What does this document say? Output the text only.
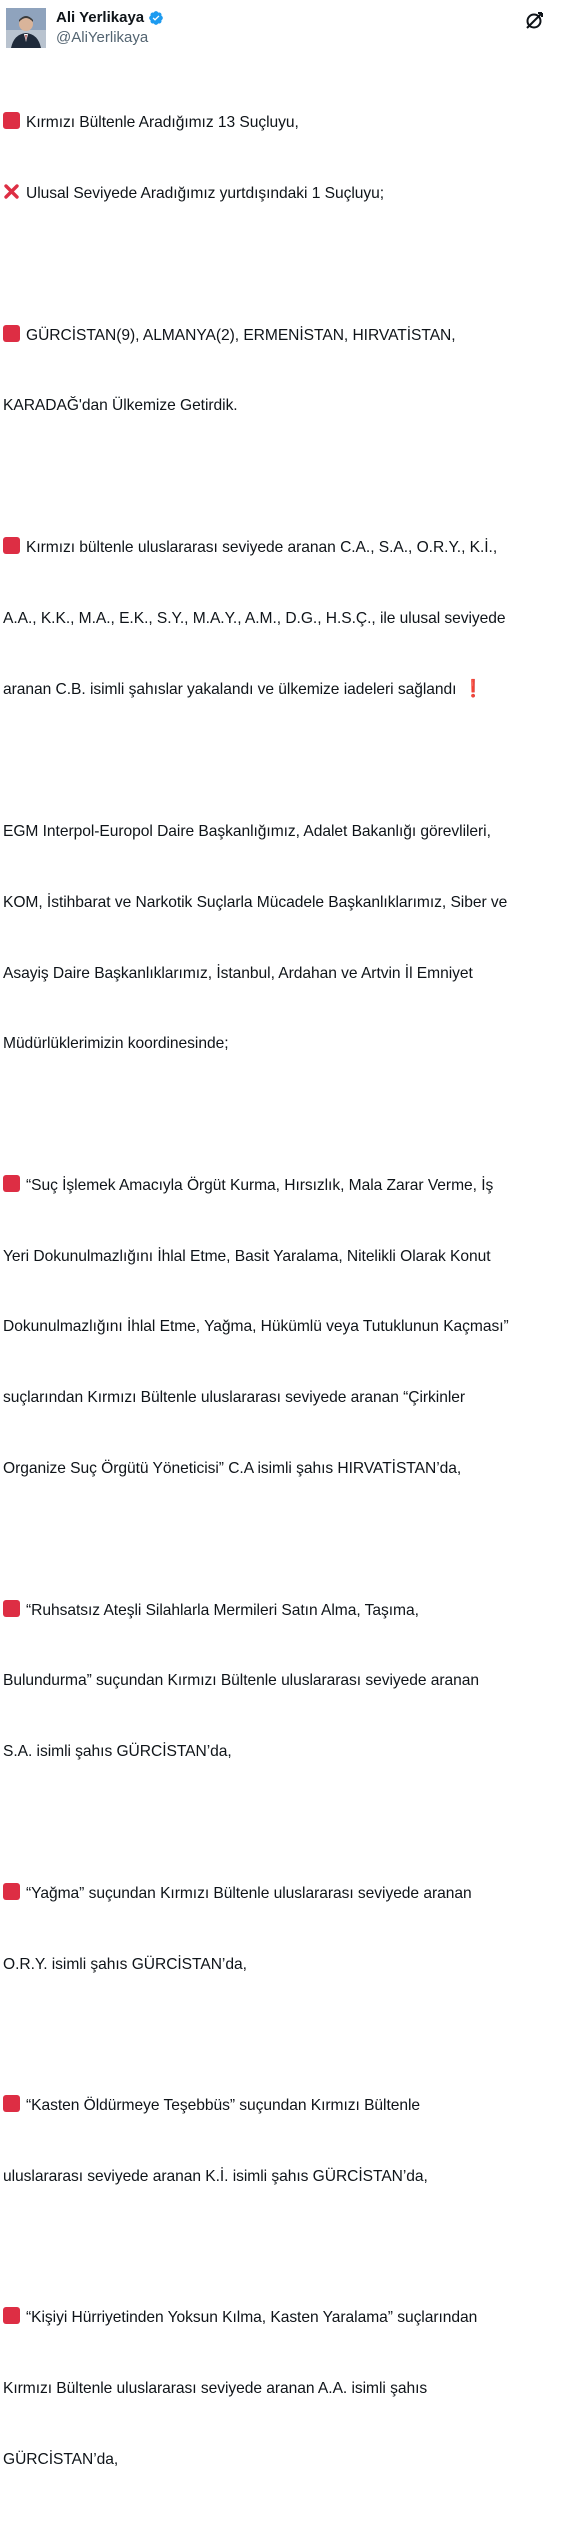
Ali Yerlikaya
@AliYerlikaya

Kırmızı Bültenle Aradığımız 13 Suçluyu,

Ulusal Seviyede Aradığımız yurtdışındaki 1 Suçluyu;

GÜRCİSTAN(9), ALMANYA(2), ERMENİSTAN, HIRVATİSTAN,

KARADAĞ'dan Ülkemize Getirdik.

Kırmızı bültenle uluslararası seviyede aranan C.A., S.A., O.R.Y., K.İ.,

A.A., K.K., M.A., E.K., S.Y., M.A.Y., A.M., D.G., H.S.Ç., ile ulusal seviyede

aranan C.B. isimli şahıslar yakalandı ve ülkemize iadeleri sağlandı ❗

EGM Interpol-Europol Daire Başkanlığımız, Adalet Bakanlığı görevlileri,

KOM, İstihbarat ve Narkotik Suçlarla Mücadele Başkanlıklarımız, Siber ve

Asayiş Daire Başkanlıklarımız, İstanbul, Ardahan ve Artvin İl Emniyet

Müdürlüklerimizin koordinesinde;

“Suç İşlemek Amacıyla Örgüt Kurma, Hırsızlık, Mala Zarar Verme, İş

Yeri Dokunulmazlığını İhlal Etme, Basit Yaralama, Nitelikli Olarak Konut

Dokunulmazlığını İhlal Etme, Yağma, Hükümlü veya Tutuklunun Kaçması”

suçlarından Kırmızı Bültenle uluslararası seviyede aranan “Çirkinler

Organize Suç Örgütü Yöneticisi” C.A isimli şahıs HIRVATİSTAN’da,

“Ruhsatsız Ateşli Silahlarla Mermileri Satın Alma, Taşıma,

Bulundurma” suçundan Kırmızı Bültenle uluslararası seviyede aranan

S.A. isimli şahıs GÜRCİSTAN’da,

“Yağma” suçundan Kırmızı Bültenle uluslararası seviyede aranan

O.R.Y. isimli şahıs GÜRCİSTAN’da,

“Kasten Öldürmeye Teşebbüs” suçundan Kırmızı Bültenle

uluslararası seviyede aranan K.İ. isimli şahıs GÜRCİSTAN’da,

“Kişiyi Hürriyetinden Yoksun Kılma, Kasten Yaralama” suçlarından

Kırmızı Bültenle uluslararası seviyede aranan A.A. isimli şahıs

GÜRCİSTAN’da,
